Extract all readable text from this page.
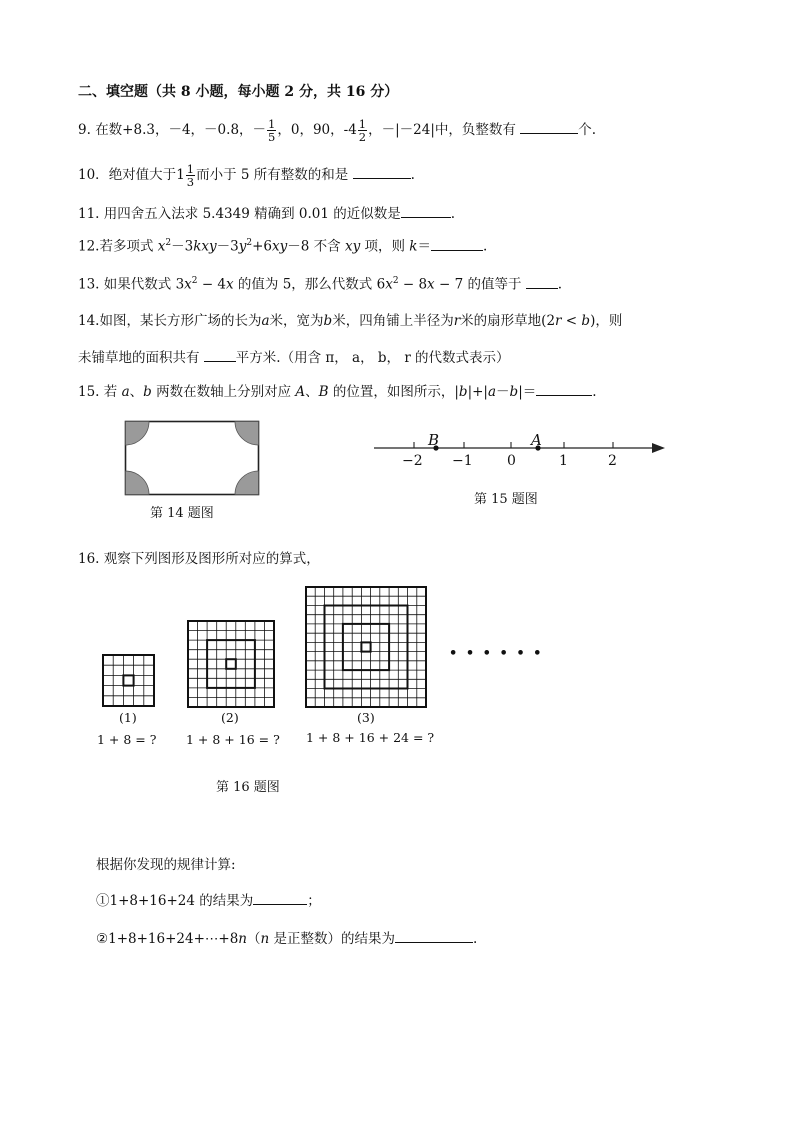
二、填空题（共 8 小题，每小题 2 分，共 16 分）
9. 在数+8.3，－4，－0.8，－ $\frac{1}{5}$ ，0，90，$-4 \frac{1}{2}$ ，－|－24|中，负整数有	个.
10．绝对值大于$1 \frac{1}{3}$ 而小于 5 所有整数的和是	.
11. 用四舍五入法求 5.4349 精确到 0.01 的近似数是	.
12.若多项式 $x^2-3kxy-3y^2+6xy-8$ 不含 xy 项，则 k＝	.
13. 如果代数式 $3x^2 - 4x$ 的值为 5，那么代数式 $6x^2 - 8x - 7$ 的值等于	.
14.如图，某长方形广场的长为a米，宽为b米，四角铺上半径为r米的扇形草地(2r < b)，则
未铺草地的面积共有	平方米.（用含 π， a， b， r 的代数式表示）
15. 若 a、b 两数在数轴上分别对应 A、B 的位置，如图所示，|b|+|a－b|＝	.
第 14 题图
B	A
−2 −1 0	1	2
第 15 题图
16. 观察下列图形及图形所对应的算式，
• • • • • •
(1)	(2)	(3)
1 + 8 = ? 1 + 8 + 16 = ? 1 + 8 + 16 + 24 = ?
第 16 题图
根据你发现的规律计算:
①1+8+16+24 的结果为	；
②1+8+16+24+⋯+8n（n 是正整数）的结果为	.
